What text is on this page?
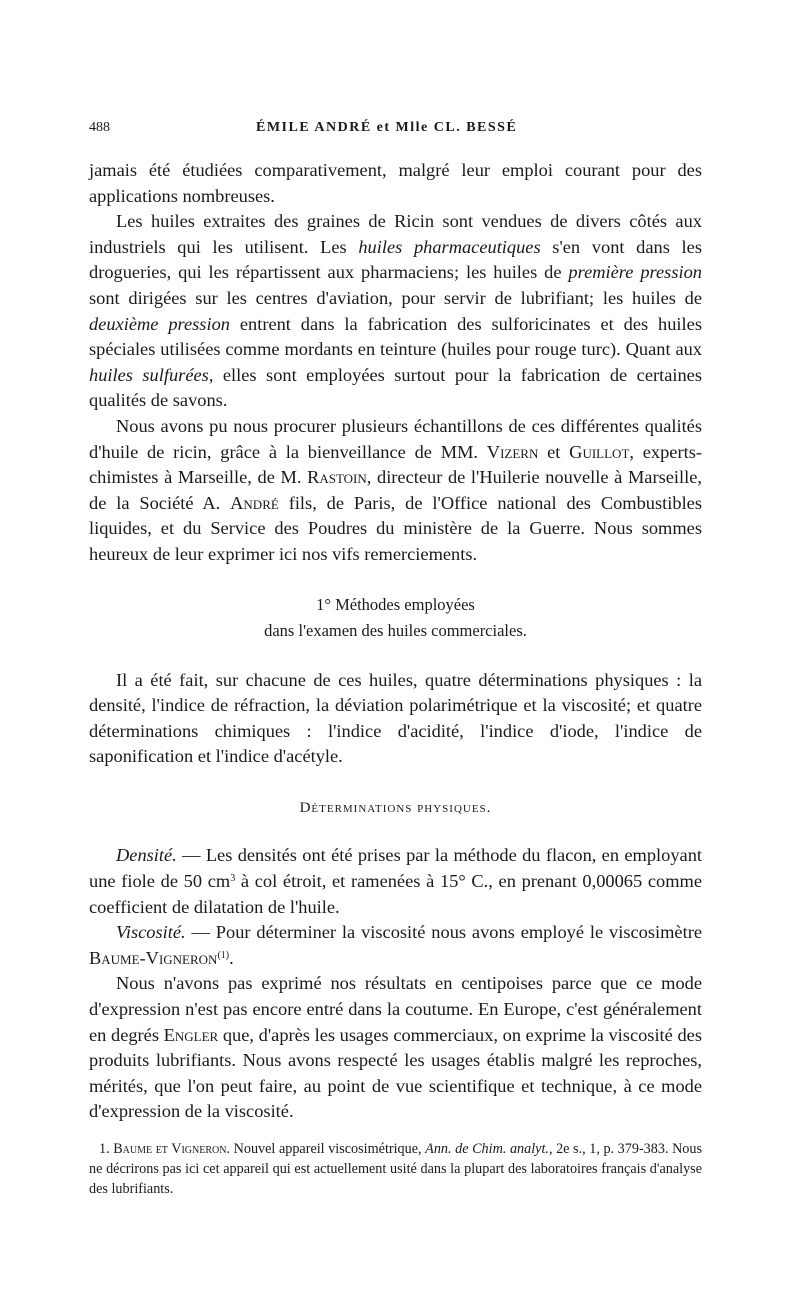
488	ÉMILE ANDRÉ et Mlle CL. BESSÉ

jamais été étudiées comparativement, malgré leur emploi courant pour des applications nombreuses.

Les huiles extraites des graines de Ricin sont vendues de divers côtés aux industriels qui les utilisent. Les huiles pharmaceutiques s'en vont dans les drogueries, qui les répartissent aux pharmaciens; les huiles de première pression sont dirigées sur les centres d'aviation, pour servir de lubrifiant; les huiles de deuxième pression entrent dans la fabrication des sulforicinates et des huiles spéciales utilisées comme mordants en teinture (huiles pour rouge turc). Quant aux huiles sulfurées, elles sont employées surtout pour la fabrication de certaines qualités de savons.

Nous avons pu nous procurer plusieurs échantillons de ces différentes qualités d'huile de ricin, grâce à la bienveillance de MM. Vizern et Guillot, experts-chimistes à Marseille, de M. Rastoin, directeur de l'Huilerie nouvelle à Marseille, de la Société A. André fils, de Paris, de l'Office national des Combustibles liquides, et du Service des Poudres du ministère de la Guerre. Nous sommes heureux de leur exprimer ici nos vifs remerciements.

1° Méthodes employées
dans l'examen des huiles commerciales.

Il a été fait, sur chacune de ces huiles, quatre déterminations physiques : la densité, l'indice de réfraction, la déviation polarimétrique et la viscosité; et quatre déterminations chimiques : l'indice d'acidité, l'indice d'iode, l'indice de saponification et l'indice d'acétyle.

Déterminations physiques.

Densité. — Les densités ont été prises par la méthode du flacon, en employant une fiole de 50 $cm^3$ à col étroit, et ramenées à 15° C., en prenant 0,00065 comme coefficient de dilatation de l'huile.

Viscosité. — Pour déterminer la viscosité nous avons employé le viscosimètre Baume-Vigneron$^{(1)}$.

Nous n'avons pas exprimé nos résultats en centipoises parce que ce mode d'expression n'est pas encore entré dans la coutume. En Europe, c'est généralement en degrés Engler que, d'après les usages commerciaux, on exprime la viscosité des produits lubrifiants. Nous avons respecté les usages établis malgré les reproches, mérités, que l'on peut faire, au point de vue scientifique et technique, à ce mode d'expression de la viscosité.

1. Baume et Vigneron. Nouvel appareil viscosimétrique, Ann. de Chim. analyt., 2e s., 1, p. 379-383. Nous ne décrirons pas ici cet appareil qui est actuellement usité dans la plupart des laboratoires français d'analyse des lubrifiants.
